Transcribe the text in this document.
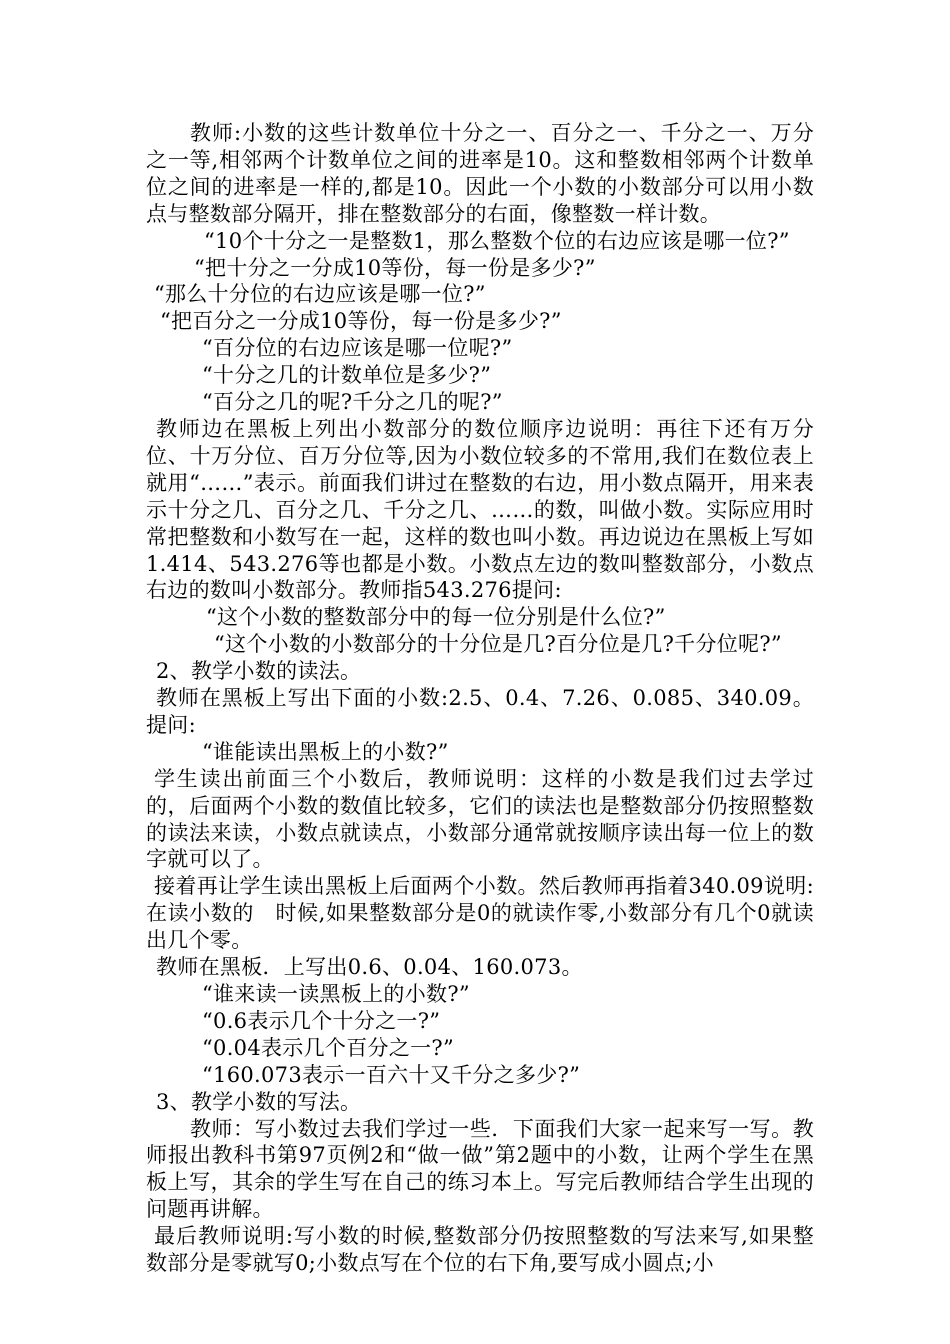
教师:小数的这些计数单位十分之一、百分之一、千分之一、万分之一等,相邻两个计数单位之间的进率是10。这和整数相邻两个计数单位之间的进率是一样的,都是10。因此一个小数的小数部分可以用小数点与整数部分隔开，排在整数部分的右面，像整数一样计数。

“10个十分之一是整数1，那么整数个位的右边应该是哪一位?”

“把十分之一分成10等份，每一份是多少?”

“那么十分位的右边应该是哪一位?”

“把百分之一分成10等份，每一份是多少?”

“百分位的右边应该是哪一位呢?”

“十分之几的计数单位是多少?”

“百分之几的呢?千分之几的呢?”

教师边在黑板上列出小数部分的数位顺序边说明：再往下还有万分位、十万分位、百万分位等,因为小数位较多的不常用,我们在数位表上就用“……”表示。前面我们讲过在整数的右边，用小数点隔开，用来表示十分之几、百分之几、千分之几、……的数，叫做小数。实际应用时常把整数和小数写在一起，这样的数也叫小数。再边说边在黑板上写如1.414、543.276等也都是小数。小数点左边的数叫整数部分，小数点右边的数叫小数部分。教师指543.276提问:

“这个小数的整数部分中的每一位分别是什么位?”

“这个小数的小数部分的十分位是几?百分位是几?千分位呢?”

2、教学小数的读法。

教师在黑板上写出下面的小数:2.5、0.4、7.26、0.085、340.09。提问:

“谁能读出黑板上的小数?”

学生读出前面三个小数后，教师说明：这样的小数是我们过去学过的，后面两个小数的数值比较多，它们的读法也是整数部分仍按照整数的读法来读，小数点就读点，小数部分通常就按顺序读出每一位上的数字就可以了。

接着再让学生读出黑板上后面两个小数。然后教师再指着340.09说明:在读小数的　时候,如果整数部分是0的就读作零,小数部分有几个0就读出几个零。

教师在黑板．上写出0.6、0.04、160.073。

“谁来读一读黑板上的小数?”

“0.6表示几个十分之一?”

“0.04表示几个百分之一?”

“160.073表示一百六十又千分之多少?”

3、教学小数的写法。

教师：写小数过去我们学过一些．下面我们大家一起来写一写。教师报出教科书第97页例2和“做一做”第2题中的小数，让两个学生在黑板上写，其余的学生写在自己的练习本上。写完后教师结合学生出现的问题再讲解。

最后教师说明:写小数的时候,整数部分仍按照整数的写法来写,如果整数部分是零就写0;小数点写在个位的右下角,要写成小圆点;小
